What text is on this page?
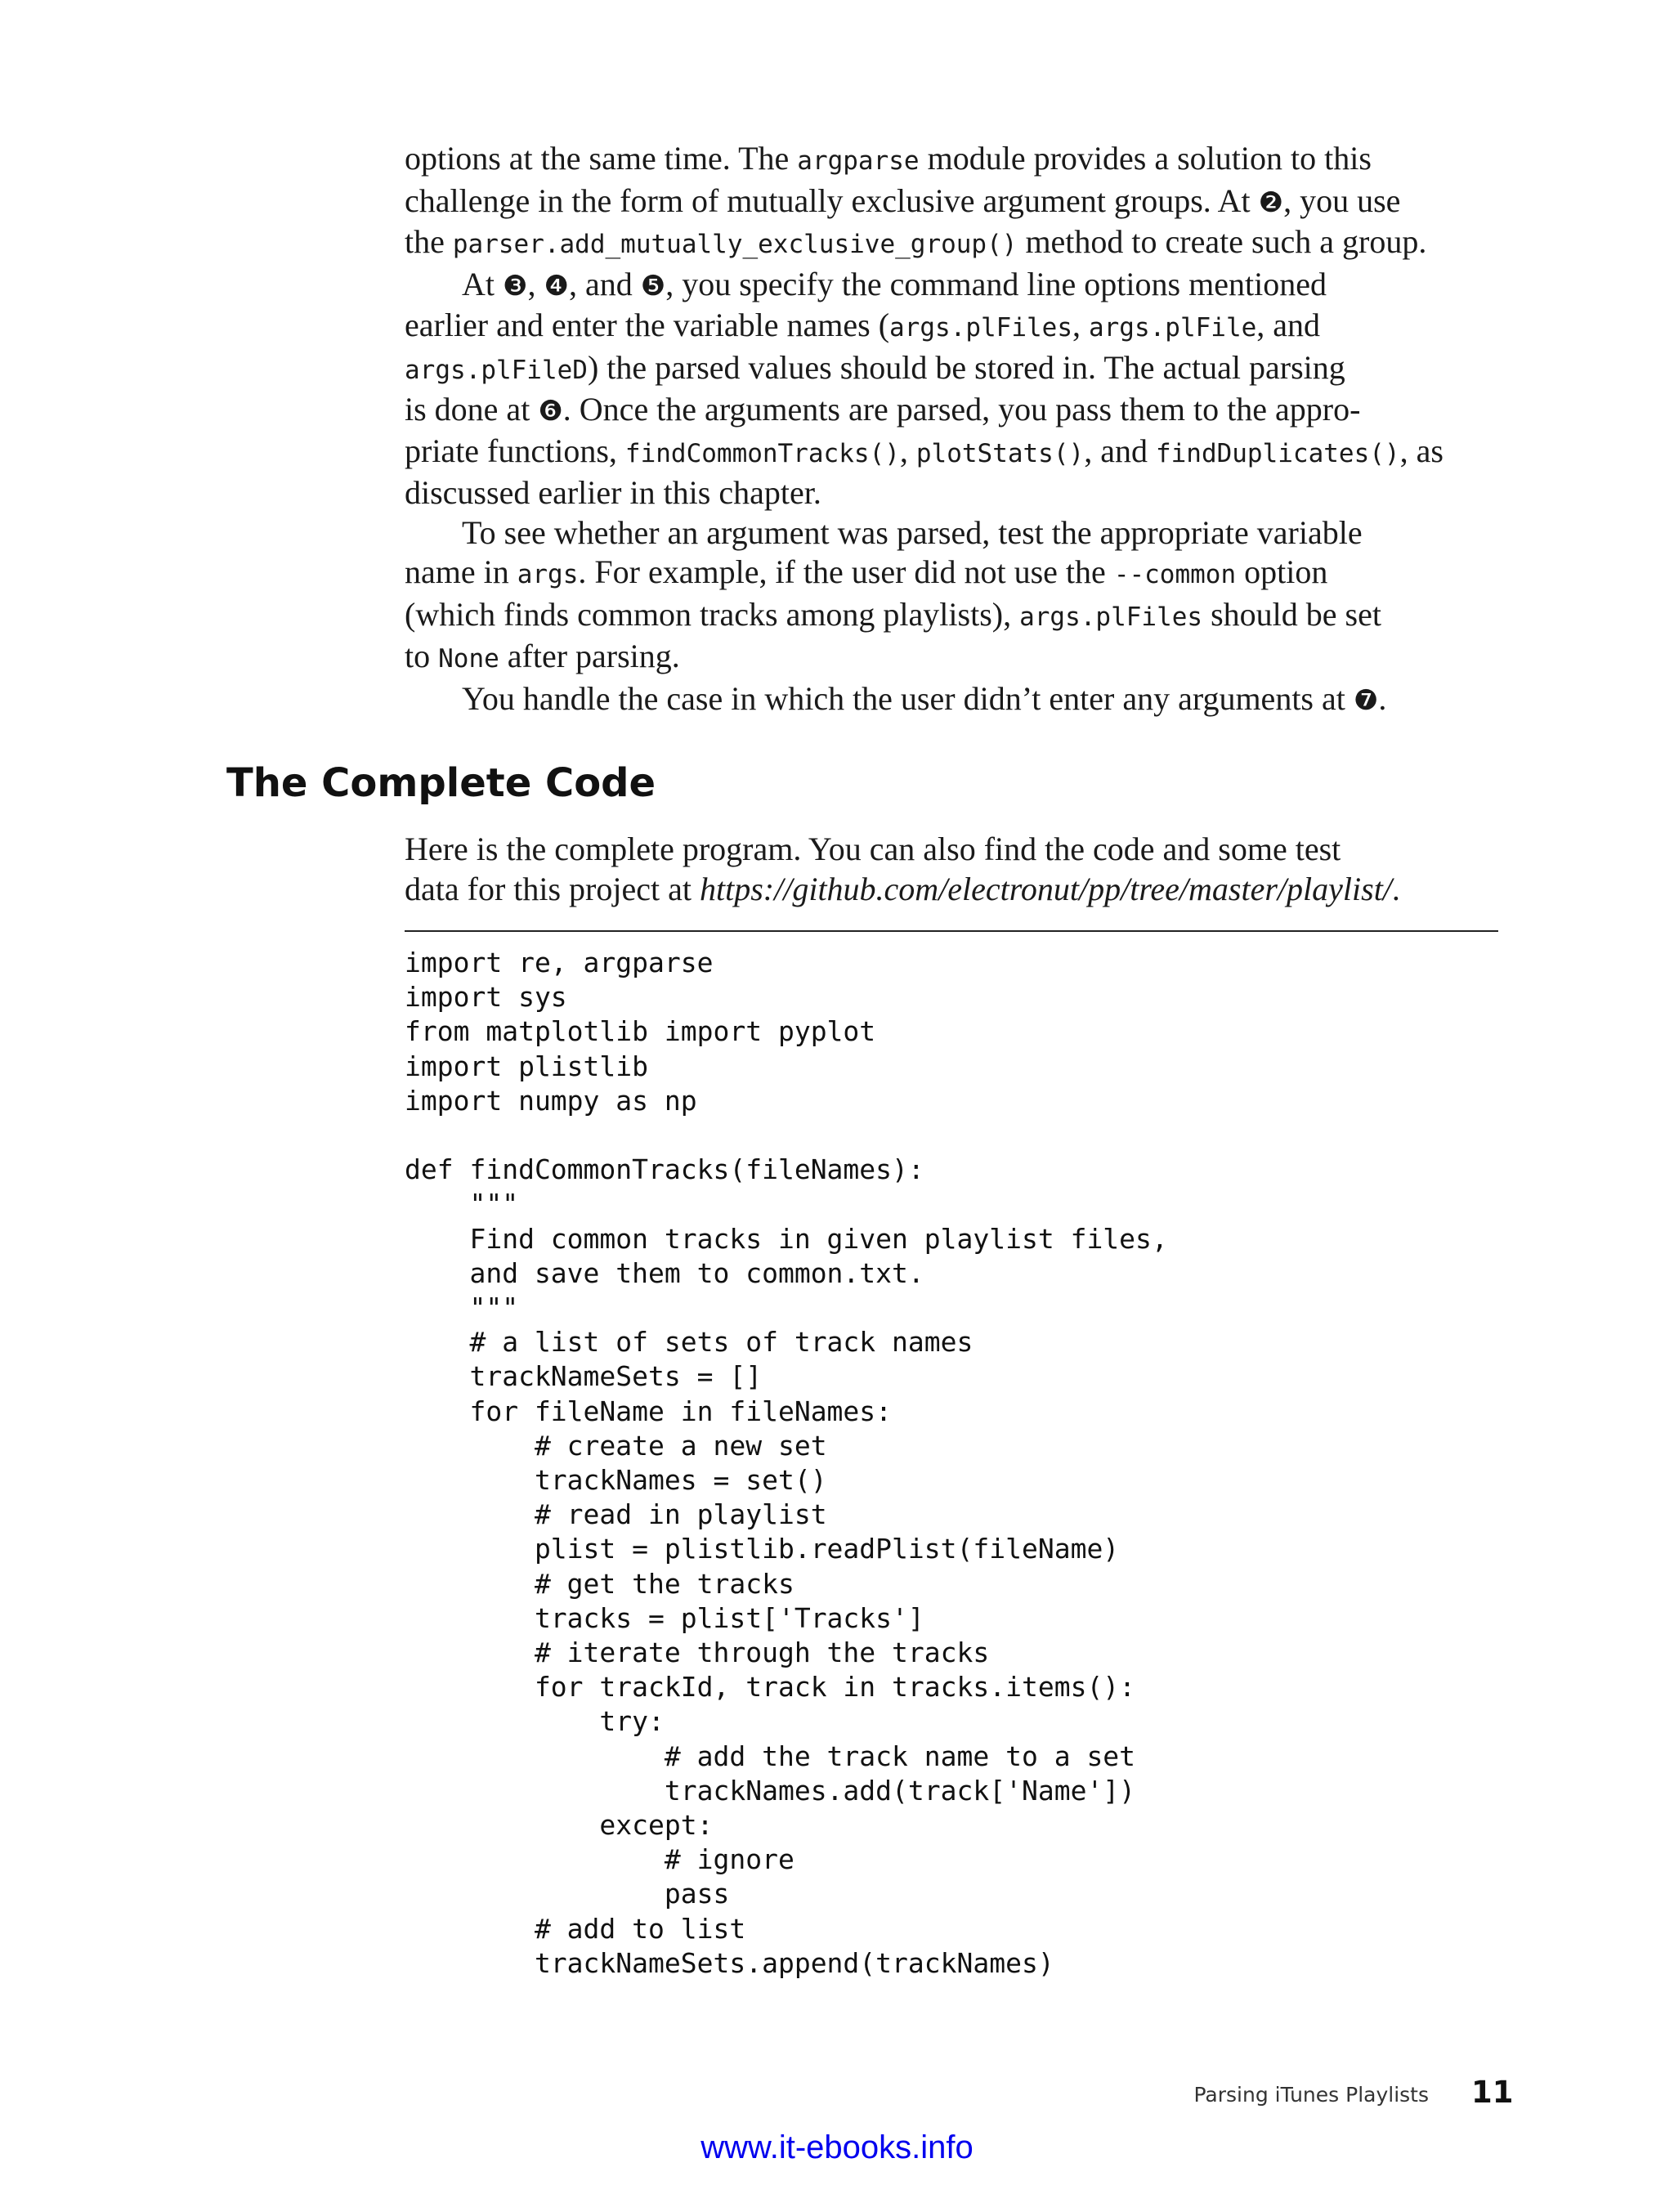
options at the same time. The argparse module provides a solution to this

challenge in the form of mutually exclusive argument groups. At ❷, you use

the parser.add_mutually_exclusive_group() method to create such a group.

At ❸, ❹, and ❺, you specify the command line options mentioned

earlier and enter the variable names (args.plFiles, args.plFile, and

args.plFileD) the parsed values should be stored in. The actual parsing

is done at ❻. Once the arguments are parsed, you pass them to the appro-

priate functions, findCommonTracks(), plotStats(), and findDuplicates(), as

discussed earlier in this chapter.

To see whether an argument was parsed, test the appropriate variable

name in args. For example, if the user did not use the --common option

(which finds common tracks among playlists), args.plFiles should be set

to None after parsing.

You handle the case in which the user didn’t enter any arguments at ❼.

The Complete Code

Here is the complete program. You can also find the code and some test

data for this project at https://github.com/electronut/pp/tree/master/playlist/.

import re, argparse
import sys
from matplotlib import pyplot
import plistlib
import numpy as np

def findCommonTracks(fileNames):
"""
Find common tracks in given playlist files,
and save them to common.txt.
"""
# a list of sets of track names
trackNameSets = []
for fileName in fileNames:
# create a new set
trackNames = set()
# read in playlist
plist = plistlib.readPlist(fileName)
# get the tracks
tracks = plist['Tracks']
# iterate through the tracks
for trackId, track in tracks.items():
try:
# add the track name to a set
trackNames.add(track['Name'])
except:
# ignore
pass
# add to list
trackNameSets.append(trackNames)
Parsing iTunes Playlists 11
www.it-ebooks.info
